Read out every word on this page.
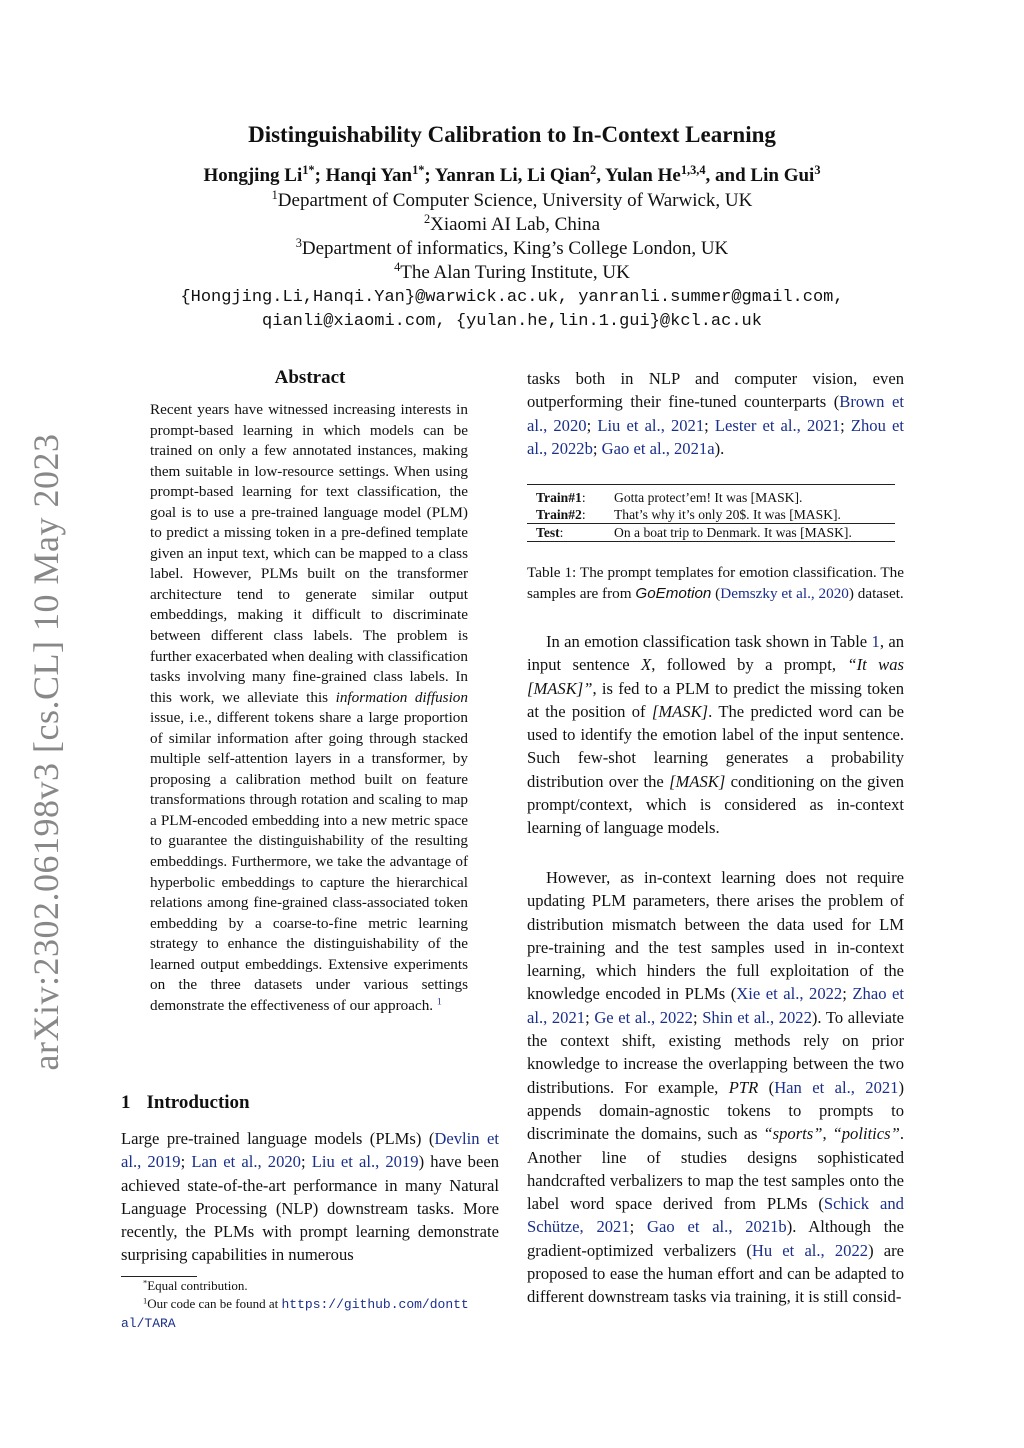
arXiv:2302.06198v3 [cs.CL] 10 May 2023
Distinguishability Calibration to In-Context Learning
Hongjing $Li^{1*}$; Hanqi Yan$^{1*}$; Yanran Li, Li Qian$^2$, Yulan He$^{1,3,4}$, and Lin Gui$^3$
$^1$Department of Computer Science, University of Warwick, UK
$^2$Xiaomi AI Lab, China
$^3$Department of informatics, King’s College London, UK
$^4$The Alan Turing Institute, UK
{Hongjing.Li,Hanqi.Yan}@warwick.ac.uk, yanranli.summer@gmail.com,
qianli@xiaomi.com, {yulan.he,lin.1.gui}@kcl.ac.uk
Abstract
Recent years have witnessed increasing interests in prompt-based learning in which models can be trained on only a few annotated instances, making them suitable in low-resource settings. When using prompt-based learning for text classification, the goal is to use a pre-trained language model (PLM) to predict a missing token in a pre-defined template given an input text, which can be mapped to a class label. However, PLMs built on the transformer architecture tend to generate similar output embeddings, making it difficult to discriminate between different class labels. The problem is further exacerbated when dealing with classification tasks involving many fine-grained class labels. In this work, we alleviate this information diffusion issue, i.e., different tokens share a large proportion of similar information after going through stacked multiple self-attention layers in a transformer, by proposing a calibration method built on feature transformations through rotation and scaling to map a PLM-encoded embedding into a new metric space to guarantee the distinguishability of the resulting embeddings. Furthermore, we take the advantage of hyperbolic embeddings to capture the hierarchical relations among fine-grained class-associated token embedding by a coarse-to-fine metric learning strategy to enhance the distinguishability of the learned output embeddings. Extensive experiments on the three datasets under various settings demonstrate the effectiveness of our approach. $^1$
1 Introduction
Large pre-trained language models (PLMs) (Devlin et al., 2019; Lan et al., 2020; Liu et al., 2019) have been achieved state-of-the-art performance in many Natural Language Processing (NLP) downstream tasks. More recently, the PLMs with prompt learning demonstrate surprising capabilities in numerous
*Equal contribution.
$^1$Our code can be found at https://github.com/dontt al/TARA
tasks both in NLP and computer vision, even outperforming their fine-tuned counterparts (Brown et al., 2020; Liu et al., 2021; Lester et al., 2021; Zhou et al., 2022b; Gao et al., 2021a).
Train#1:	Gotta protect’em! It was [MASK].
Train#2:	That’s why it’s only 20$. It was [MASK].
Test:	On a boat trip to Denmark. It was [MASK].
Table 1: The prompt templates for emotion classification. The samples are from GoEmotion (Demszky et al., 2020) dataset.
In an emotion classification task shown in Table 1, an input sentence X, followed by a prompt, “It was [MASK]”, is fed to a PLM to predict the missing token at the position of [MASK]. The predicted word can be used to identify the emotion label of the input sentence. Such few-shot learning generates a probability distribution over the [MASK] conditioning on the given prompt/context, which is considered as in-context learning of language models.
However, as in-context learning does not require updating PLM parameters, there arises the problem of distribution mismatch between the data used for LM pre-training and the test samples used in in-context learning, which hinders the full exploitation of the knowledge encoded in PLMs (Xie et al., 2022; Zhao et al., 2021; Ge et al., 2022; Shin et al., 2022). To alleviate the context shift, existing methods rely on prior knowledge to increase the overlapping between the two distributions. For example, PTR (Han et al., 2021) appends domain-agnostic tokens to prompts to discriminate the domains, such as “sports”, “politics”. Another line of studies designs sophisticated handcrafted verbalizers to map the test samples onto the label word space derived from PLMs (Schick and Schütze, 2021; Gao et al., 2021b). Although the gradient-optimized verbalizers (Hu et al., 2022) are proposed to ease the human effort and can be adapted to different downstream tasks via training, it is still consid-
